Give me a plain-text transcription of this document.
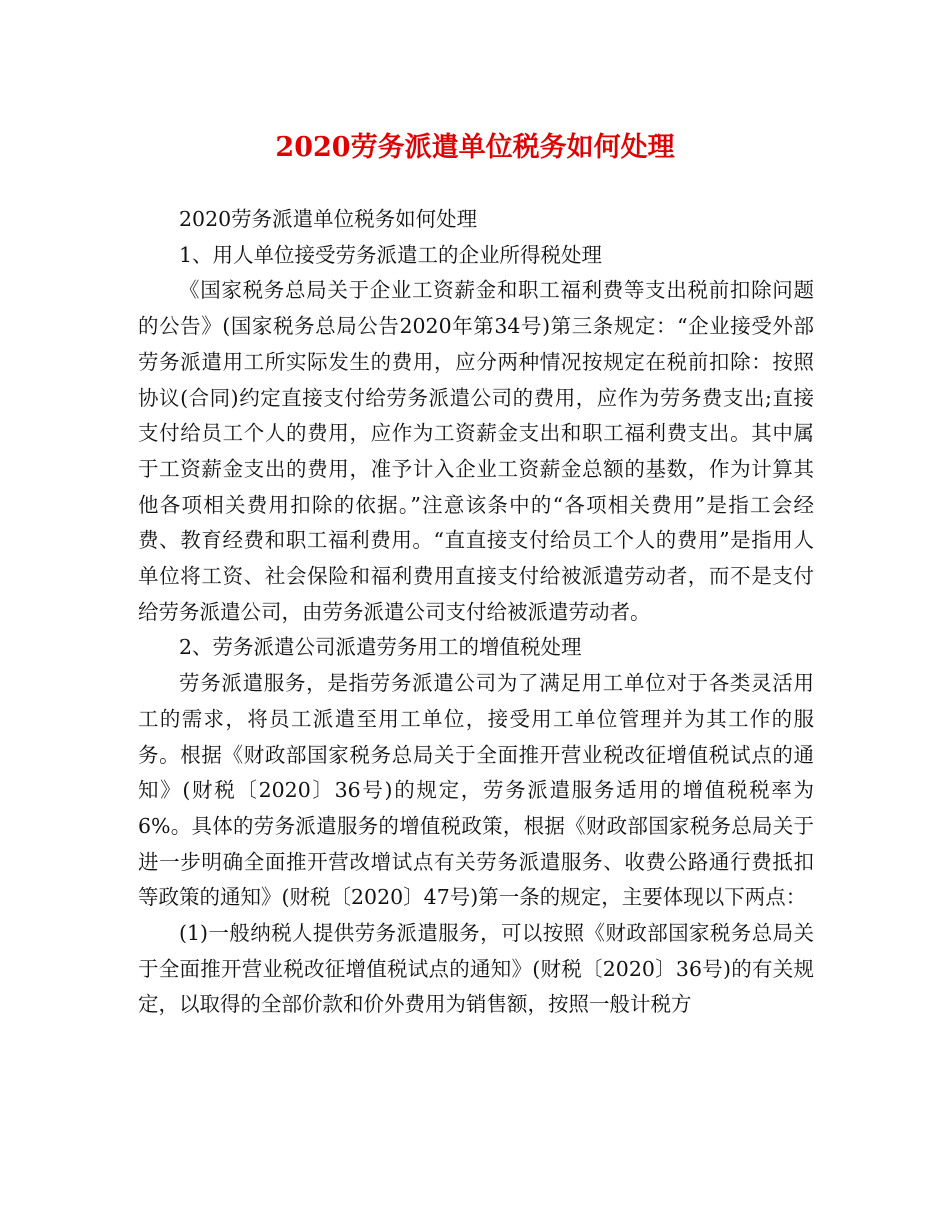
2020劳务派遣单位税务如何处理

2020劳务派遣单位税务如何处理

1、用人单位接受劳务派遣工的企业所得税处理

《国家税务总局关于企业工资薪金和职工福利费等支出税前扣除问题的公告》(国家税务总局公告2020年第34号)第三条规定：“企业接受外部劳务派遣用工所实际发生的费用，应分两种情况按规定在税前扣除：按照协议(合同)约定直接支付给劳务派遣公司的费用，应作为劳务费支出;直接支付给员工个人的费用，应作为工资薪金支出和职工福利费支出。其中属于工资薪金支出的费用，准予计入企业工资薪金总额的基数，作为计算其他各项相关费用扣除的依据。”注意该条中的“各项相关费用”是指工会经费、教育经费和职工福利费用。“直直接支付给员工个人的费用”是指用人单位将工资、社会保险和福利费用直接支付给被派遣劳动者，而不是支付给劳务派遣公司，由劳务派遣公司支付给被派遣劳动者。

2、劳务派遣公司派遣劳务用工的增值税处理

劳务派遣服务，是指劳务派遣公司为了满足用工单位对于各类灵活用工的需求，将员工派遣至用工单位，接受用工单位管理并为其工作的服务。根据《财政部国家税务总局关于全面推开营业税改征增值税试点的通知》(财税〔2020〕36号)的规定，劳务派遣服务适用的增值税税率为6%。具体的劳务派遣服务的增值税政策，根据《财政部国家税务总局关于进一步明确全面推开营改增试点有关劳务派遣服务、收费公路通行费抵扣等政策的通知》(财税〔2020〕47号)第一条的规定，主要体现以下两点：

(1)一般纳税人提供劳务派遣服务，可以按照《财政部国家税务总局关于全面推开营业税改征增值税试点的通知》(财税〔2020〕36号)的有关规定，以取得的全部价款和价外费用为销售额，按照一般计税方
